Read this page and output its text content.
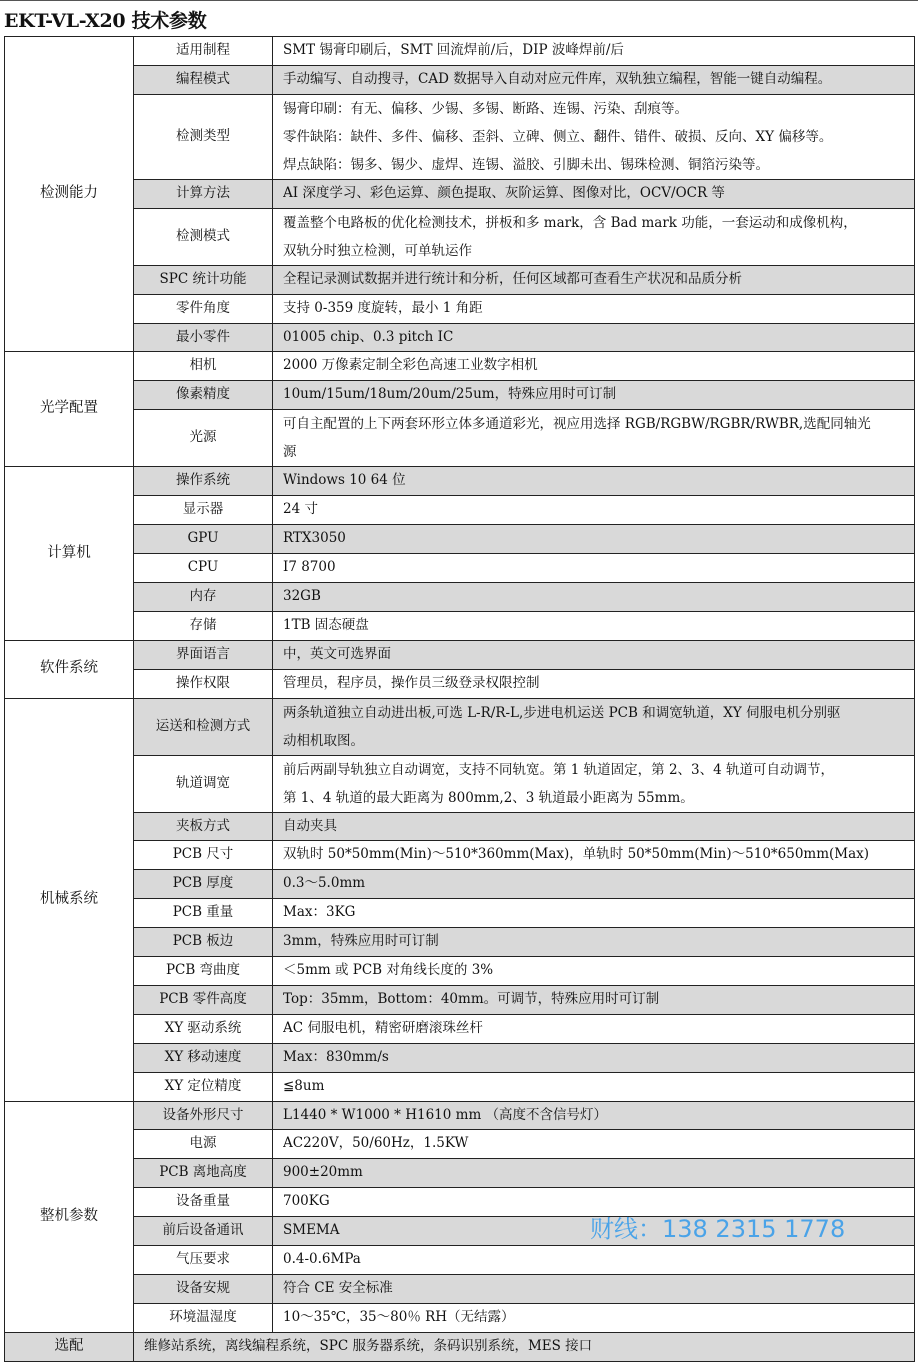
EKT-VL-X20 技术参数
检测能力	适用制程	SMT 锡膏印刷后，SMT 回流焊前/后，DIP 波峰焊前/后

	编程模式	手动编写、自动搜寻，CAD 数据导入自动对应元件库，双轨独立编程，智能一键自动编程。

	检测类型	锡膏印刷：有无、偏移、少锡、多锡、断路、连锡、污染、刮痕等。
零件缺陷：缺件、多件、偏移、歪斜、立碑、侧立、翻件、错件、破损、反向、XY 偏移等。
焊点缺陷：锡多、锡少、虚焊、连锡、溢胶、引脚未出、锡珠检测、铜箔污染等。

	计算方法	AI 深度学习、彩色运算、颜色提取、灰阶运算、图像对比，OCV/OCR 等

	检测模式	覆盖整个电路板的优化检测技术，拼板和多 mark，含 Bad mark 功能，一套运动和成像机构，
双轨分时独立检测，可单轨运作

	SPC 统计功能	全程记录测试数据并进行统计和分析，任何区域都可查看生产状况和品质分析

	零件角度	支持 0-359 度旋转，最小 1 角距

	最小零件	01005 chip、0.3 pitch IC

光学配置	相机	2000 万像素定制全彩色高速工业数字相机

	像素精度	10um/15um/18um/20um/25um，特殊应用时可订制

	光源	可自主配置的上下两套环形立体多通道彩光，视应用选择 RGB/RGBW/RGBR/RWBR,选配同轴光
源

计算机	操作系统	Windows 10 64 位

	显示器	24 寸

	GPU	RTX3050

	CPU	I7 8700

	内存	32GB

	存储	1TB 固态硬盘

软件系统	界面语言	中，英文可选界面

	操作权限	管理员，程序员，操作员三级登录权限控制

机械系统	运送和检测方式	两条轨道独立自动进出板,可选 L-R/R-L,步进电机运送 PCB 和调宽轨道，XY 伺服电机分别驱
动相机取图。

	轨道调宽	前后两副导轨独立自动调宽，支持不同轨宽。第 1 轨道固定，第 2、3、4 轨道可自动调节，
第 1、4 轨道的最大距离为 800mm,2、3 轨道最小距离为 55mm。

	夹板方式	自动夹具

	PCB 尺寸	双轨时 50*50mm(Min)～510*360mm(Max)，单轨时 50*50mm(Min)～510*650mm(Max)

	PCB 厚度	0.3～5.0mm

	PCB 重量	Max：3KG

	PCB 板边	3mm，特殊应用时可订制

	PCB 弯曲度	＜5mm 或 PCB 对角线长度的 3%

	PCB 零件高度	Top：35mm，Bottom：40mm。可调节，特殊应用时可订制

	XY 驱动系统	AC 伺服电机，精密研磨滚珠丝杆

	XY 移动速度	Max：830mm/s

	XY 定位精度	≦8um

整机参数	设备外形尺寸	L1440 * W1000 * H1610 mm （高度不含信号灯）

	电源	AC220V，50/60Hz，1.5KW

	PCB 离地高度	900±20mm

	设备重量	700KG

	前后设备通讯	SMEMA

	气压要求	0.4-0.6MPa

	设备安规	符合 CE 安全标准

	环境温湿度	10～35℃，35～80％ RH（无结露）

选配	维修站系统，离线编程系统，SPC 服务器系统，条码识别系统，MES 接口	
财线：138 2315 1778
